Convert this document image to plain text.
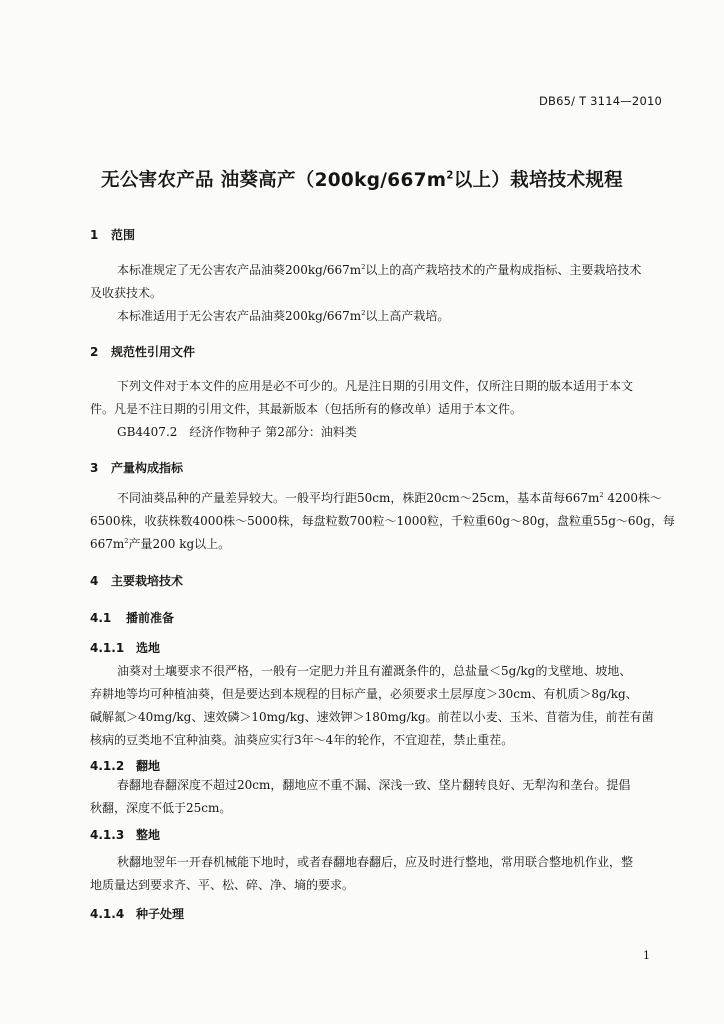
DB65/ T 3114—2010
无公害农产品 油葵高产（$200kg/667m^2$以上）栽培技术规程
1 范围
本标准规定了无公害农产品油葵$200kg/667m^2$以上的高产栽培技术的产量构成指标、主要栽培技术
及收获技术。
本标准适用于无公害农产品油葵$200kg/667m^2$以上高产栽培。
2 规范性引用文件
下列文件对于本文件的应用是必不可少的。凡是注日期的引用文件，仅所注日期的版本适用于本文
件。凡是不注日期的引用文件，其最新版本（包括所有的修改单）适用于本文件。
GB4407.2　经济作物种子 第2部分：油料类
3 产量构成指标
不同油葵品种的产量差异较大。一般平均行距50cm，株距20cm～25cm，基本苗每$667m^2$ 4200株～
6500株，收获株数4000株～5000株，每盘粒数700粒～1000粒，千粒重60g～80g，盘粒重55g～60g，每
$667m^2$产量200 kg以上。
4 主要栽培技术
4.1 播前准备
4.1.1 选地
油葵对土壤要求不很严格，一般有一定肥力并且有灌溉条件的，总盐量＜5g/kg的戈壁地、坡地、
弃耕地等均可种植油葵，但是要达到本规程的目标产量，必须要求土层厚度＞30cm、有机质＞8g/kg、
碱解氮＞40mg/kg、速效磷＞10mg/kg、速效钾＞180mg/kg。前茬以小麦、玉米、苜蓿为佳，前茬有菌
核病的豆类地不宜种油葵。油葵应实行3年～4年的轮作，不宜迎茬，禁止重茬。
4.1.2 翻地
春翻地春翻深度不超过20cm，翻地应不重不漏、深浅一致、垡片翻转良好、无犁沟和垄台。提倡
秋翻，深度不低于25cm。
4.1.3 整地
秋翻地翌年一开春机械能下地时，或者春翻地春翻后，应及时进行整地，常用联合整地机作业，整
地质量达到要求齐、平、松、碎、净、墒的要求。
4.1.4 种子处理
1
